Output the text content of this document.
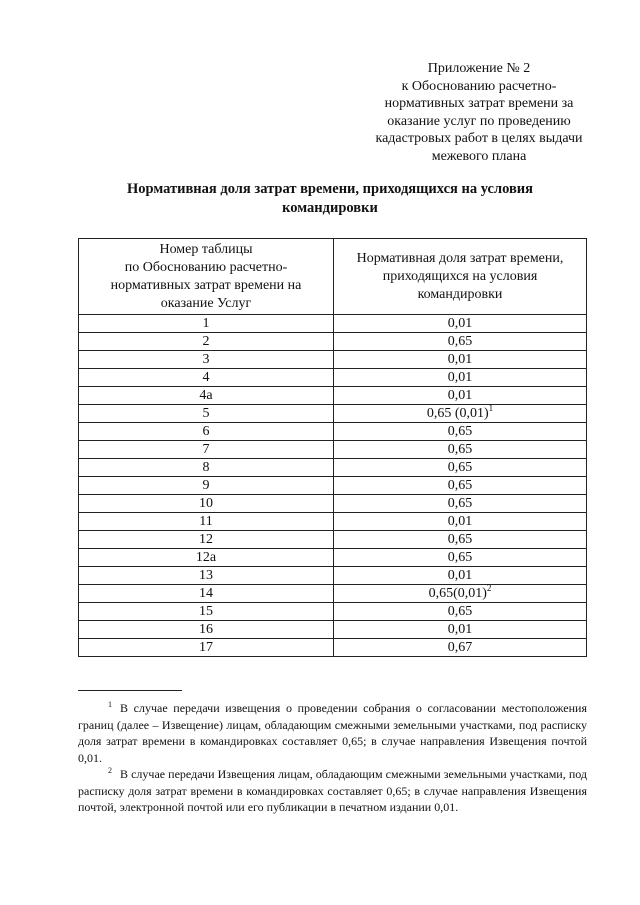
Приложение № 2
к Обоснованию расчетно-
нормативных затрат времени за
оказание услуг по проведению
кадастровых работ в целях выдачи
межевого плана
Нормативная доля затрат времени, приходящихся на условия
командировки
Номер таблицы
по Обоснованию расчетно-
нормативных затрат времени на
оказание Услуг	Нормативная доля затрат времени,
приходящихся на условия
командировки

1	0,01
2	0,65
3	0,01
4	0,01
4а	0,01
5	0,65 $(0,01)^1$
6	0,65
7	0,65
8	0,65
9	0,65
10	0,65
11	0,01
12	0,65
12а	0,65
13	0,01
14	$0,65(0,01)^2$
15	0,65
16	0,01
17	0,67

$^1$ В случае передачи извещения о проведении собрания о согласовании местоположения границ (далее – Извещение) лицам, обладающим смежными земельными участками, под расписку доля затрат времени в командировках составляет 0,65; в случае направления Извещения почтой 0,01.

$^2$ В случае передачи Извещения лицам, обладающим смежными земельными участками, под расписку доля затрат времени в командировках составляет 0,65; в случае направления Извещения почтой, электронной почтой или его публикации в печатном издании 0,01.
